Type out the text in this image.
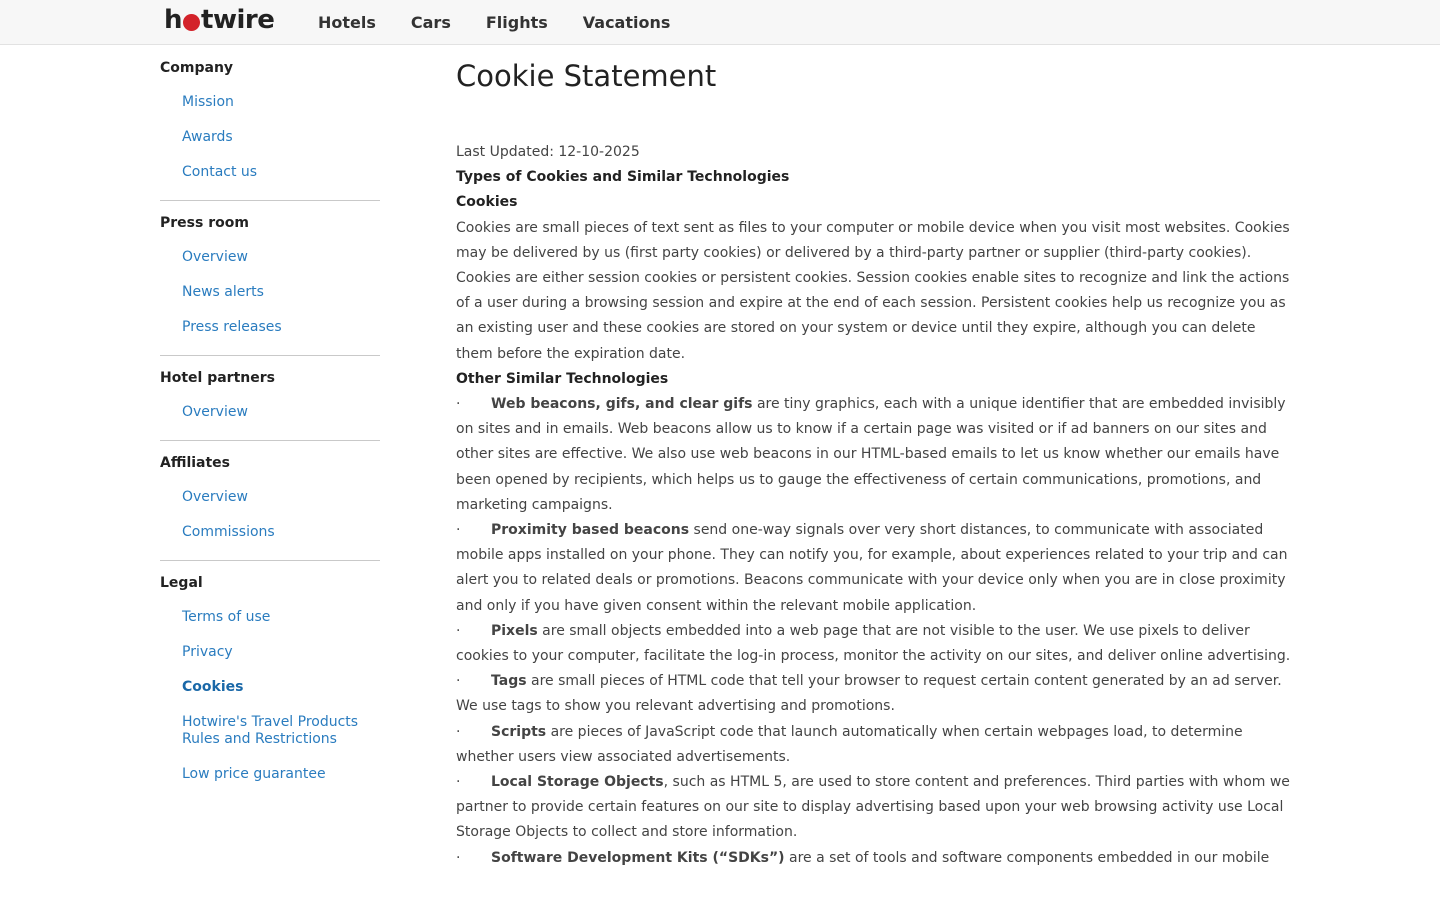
h twire	Hotels Cars Flights Vacations
Company
Mission
Awards
Contact us
Press room
Overview
News alerts
Press releases
Hotel partners
Overview
Affiliates
Overview
Commissions
Legal
Terms of use
Privacy
Cookies
Hotwire's Travel Products Rules and Restrictions
Low price guarantee
Cookie Statement
Last Updated: 12-10-2025
Types of Cookies and Similar Technologies
Cookies

Cookies are small pieces of text sent as files to your computer or mobile device when you visit most websites. Cookies may be delivered by us (first party cookies) or delivered by a third-party partner or supplier (third-party cookies). Cookies are either session cookies or persistent cookies. Session cookies enable sites to recognize and link the actions of a user during a browsing session and expire at the end of each session. Persistent cookies help us recognize you as an existing user and these cookies are stored on your system or device until they expire, although you can delete them before the expiration date.

Other Similar Technologies

· Web beacons, gifs, and clear gifs are tiny graphics, each with a unique identifier that are embedded invisibly on sites and in emails. Web beacons allow us to know if a certain page was visited or if ad banners on our sites and other sites are effective. We also use web beacons in our HTML-based emails to let us know whether our emails have been opened by recipients, which helps us to gauge the effectiveness of certain communications, promotions, and marketing campaigns.

· Proximity based beacons send one-way signals over very short distances, to communicate with associated mobile apps installed on your phone. They can notify you, for example, about experiences related to your trip and can alert you to related deals or promotions. Beacons communicate with your device only when you are in close proximity and only if you have given consent within the relevant mobile application.

· Pixels are small objects embedded into a web page that are not visible to the user. We use pixels to deliver cookies to your computer, facilitate the log-in process, monitor the activity on our sites, and deliver online advertising.

· Tags are small pieces of HTML code that tell your browser to request certain content generated by an ad server. We use tags to show you relevant advertising and promotions.

· Scripts are pieces of JavaScript code that launch automatically when certain webpages load, to determine whether users view associated advertisements.

· Local Storage Objects, such as HTML 5, are used to store content and preferences. Third parties with whom we partner to provide certain features on our site to display advertising based upon your web browsing activity use Local Storage Objects to collect and store information.

· Software Development Kits (“SDKs”) are a set of tools and software components embedded in our mobile
